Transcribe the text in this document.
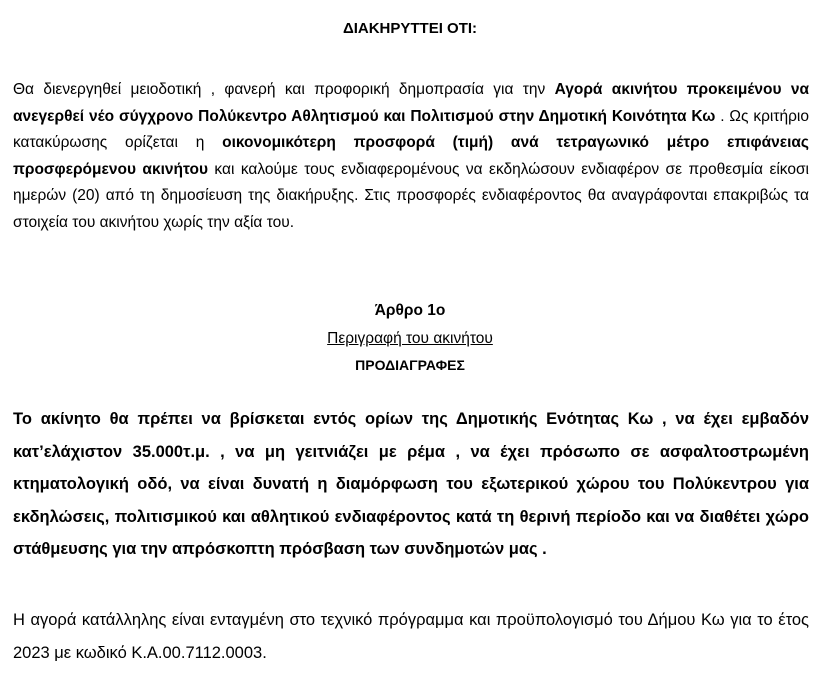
ΔΙΑΚΗΡΥΤΤΕΙ ΟΤΙ:
Θα διενεργηθεί μειοδοτική , φανερή και προφορική δημοπρασία για την Αγορά ακινήτου προκειμένου να ανεγερθεί νέο σύγχρονο Πολύκεντρο Αθλητισμού και Πολιτισμού στην Δημοτική Κοινότητα Κω . Ως κριτήριο κατακύρωσης ορίζεται η οικονομικότερη προσφορά (τιμή) ανά τετραγωνικό μέτρο επιφάνειας προσφερόμενου ακινήτου και καλούμε τους ενδιαφερομένους να εκδηλώσουν ενδιαφέρον σε προθεσμία είκοσι ημερών (20) από τη δημοσίευση της διακήρυξης. Στις προσφορές ενδιαφέροντος θα αναγράφονται επακριβώς τα στοιχεία του ακινήτου χωρίς την αξία του.
Άρθρο 1ο
Περιγραφή του ακινήτου
ΠΡΟΔΙΑΓΡΑΦΕΣ
Το ακίνητο θα πρέπει να βρίσκεται εντός ορίων της Δημοτικής Ενότητας Κω , να έχει εμβαδόν κατ’ελάχιστον 35.000τ.μ. , να μη γειτνιάζει με ρέμα , να έχει πρόσωπο σε ασφαλτοστρωμένη κτηματολογική οδό, να είναι δυνατή η διαμόρφωση του εξωτερικού χώρου του Πολύκεντρου για εκδηλώσεις, πολιτισμικού και αθλητικού ενδιαφέροντος κατά τη θερινή περίοδο και να διαθέτει χώρο στάθμευσης για την απρόσκοπτη πρόσβαση των συνδημοτών μας .
Η αγορά κατάλληλης είναι ενταγμένη στο τεχνικό πρόγραμμα και προϋπολογισμό του Δήμου Κω για το έτος 2023 με κωδικό Κ.Α.00.7112.0003.
